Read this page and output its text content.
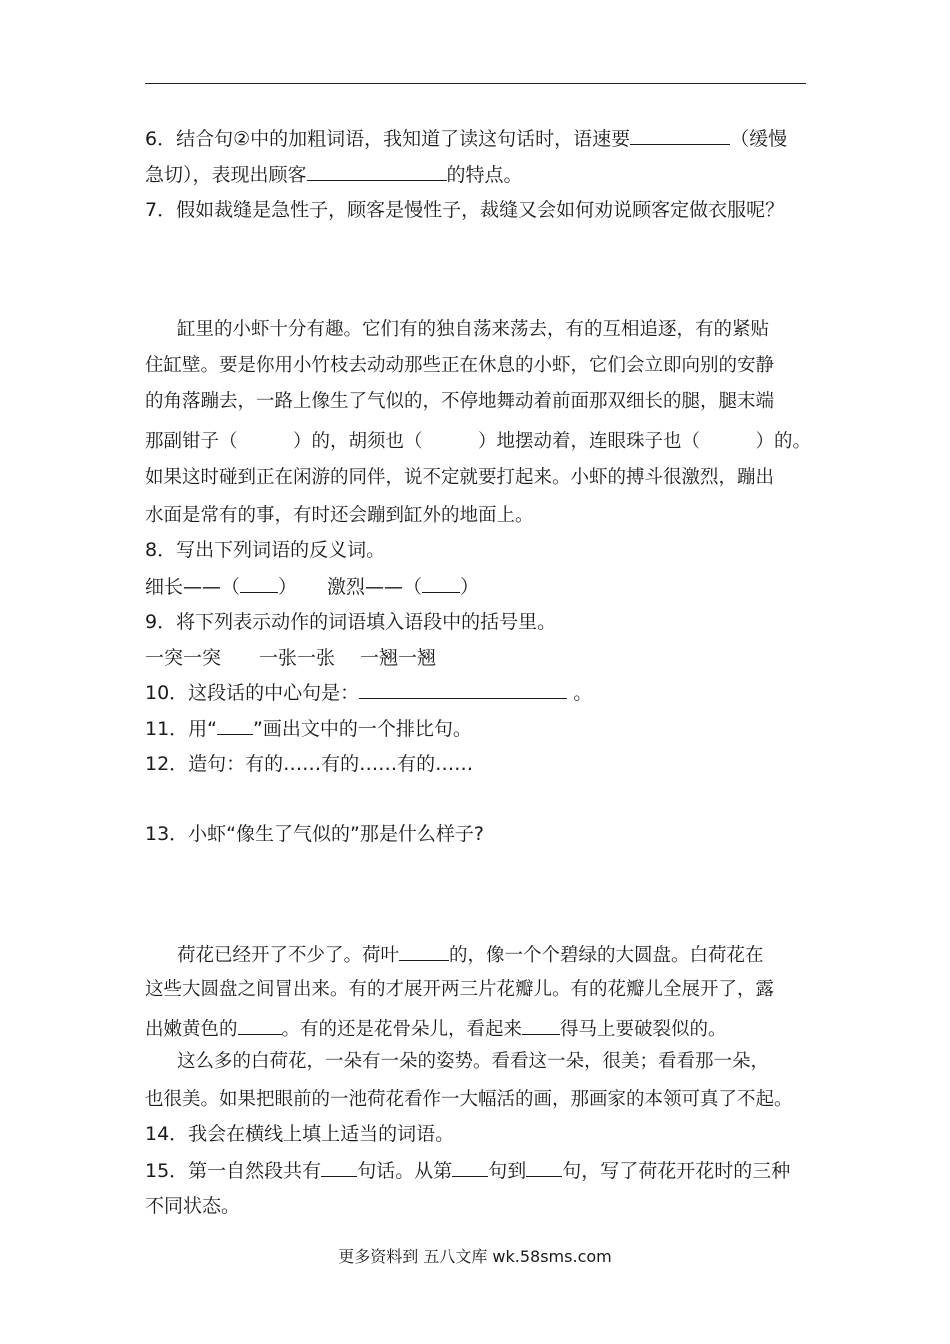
6．结合句②中的加粗词语，我知道了读这句话时，语速要	（缓慢
急切），表现出顾客	的特点。
7．假如裁缝是急性子，顾客是慢性子，裁缝又会如何劝说顾客定做衣服呢？
缸里的小虾十分有趣。它们有的独自荡来荡去，有的互相追逐，有的紧贴
住缸壁。要是你用小竹枝去动动那些正在休息的小虾，它们会立即向别的安静
的角落蹦去，一路上像生了气似的，不停地舞动着前面那双细长的腿，腿末端
那副钳子（　　　）的，胡须也（　　　）地摆动着，连眼珠子也（　　　）的。
如果这时碰到正在闲游的同伴，说不定就要打起来。小虾的搏斗很激烈，蹦出
水面是常有的事，有时还会蹦到缸外的地面上。
8．写出下列词语的反义词。
细长——（ ） 激烈——（ ）
9．将下列表示动作的词语填入语段中的括号里。
一突一突　　一张一张　 一翘一翘
10．这段话的中心句是：	。
11．用“ ”画出文中的一个排比句。
12．造句：有的……有的……有的……
13．小虾“像生了气似的”那是什么样子?
荷花已经开了不少了。荷叶	的，像一个个碧绿的大圆盘。白荷花在
这些大圆盘之间冒出来。有的才展开两三片花瓣儿。有的花瓣儿全展开了，露
出嫩黄色的 。有的还是花骨朵儿，看起来 得马上要破裂似的。
这么多的白荷花，一朵有一朵的姿势。看看这一朵，很美；看看那一朵，
也很美。如果把眼前的一池荷花看作一大幅活的画，那画家的本领可真了不起。
14．我会在横线上填上适当的词语。
15．第一自然段共有 句话。从第 句到 句，写了荷花开花时的三种
不同状态。
更多资料到 五八文库 wk.58sms.com
